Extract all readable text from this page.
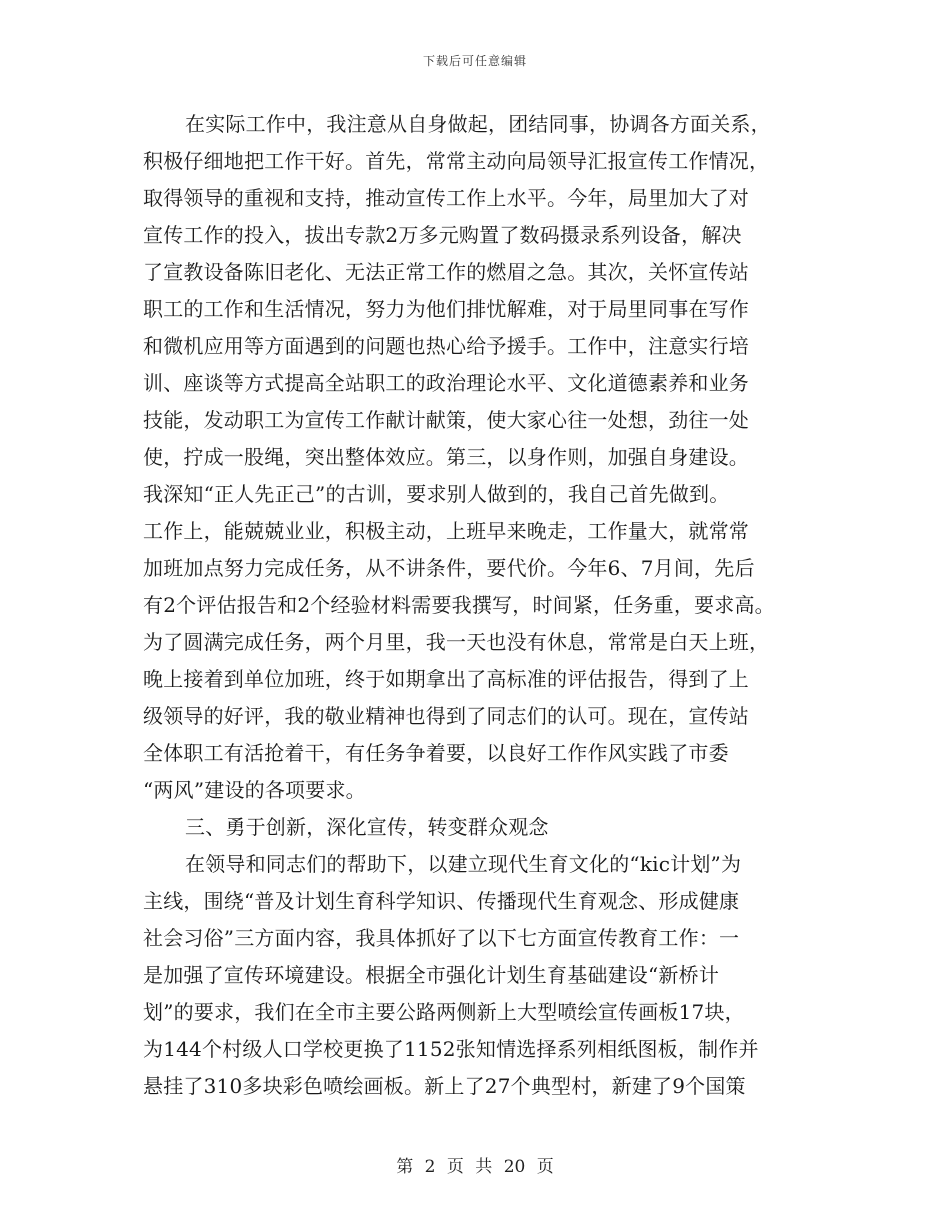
下载后可任意编辑
在实际工作中，我注意从自身做起，团结同事，协调各方面关系，
积极仔细地把工作干好。首先，常常主动向局领导汇报宣传工作情况，
取得领导的重视和支持，推动宣传工作上水平。今年，局里加大了对
宣传工作的投入，拔出专款2万多元购置了数码摄录系列设备，解决
了宣教设备陈旧老化、无法正常工作的燃眉之急。其次，关怀宣传站
职工的工作和生活情况，努力为他们排忧解难，对于局里同事在写作
和微机应用等方面遇到的问题也热心给予援手。工作中，注意实行培
训、座谈等方式提高全站职工的政治理论水平、文化道德素养和业务
技能，发动职工为宣传工作献计献策，使大家心往一处想，劲往一处
使，拧成一股绳，突出整体效应。第三，以身作则，加强自身建设。
我深知“正人先正己”的古训，要求别人做到的，我自己首先做到。
工作上，能兢兢业业，积极主动，上班早来晚走，工作量大，就常常
加班加点努力完成任务，从不讲条件，要代价。今年6、7月间，先后
有2个评估报告和2个经验材料需要我撰写，时间紧，任务重，要求高。
为了圆满完成任务，两个月里，我一天也没有休息，常常是白天上班，
晚上接着到单位加班，终于如期拿出了高标准的评估报告，得到了上
级领导的好评，我的敬业精神也得到了同志们的认可。现在，宣传站
全体职工有活抢着干，有任务争着要，以良好工作作风实践了市委
“两风”建设的各项要求。
三、勇于创新，深化宣传，转变群众观念
在领导和同志们的帮助下，以建立现代生育文化的“kic计划”为
主线，围绕“普及计划生育科学知识、传播现代生育观念、形成健康
社会习俗”三方面内容，我具体抓好了以下七方面宣传教育工作：一
是加强了宣传环境建设。根据全市强化计划生育基础建设“新桥计
划”的要求，我们在全市主要公路两侧新上大型喷绘宣传画板17块，
为144个村级人口学校更换了1152张知情选择系列相纸图板，制作并
悬挂了310多块彩色喷绘画板。新上了27个典型村，新建了9个国策
第 2 页 共 20 页
